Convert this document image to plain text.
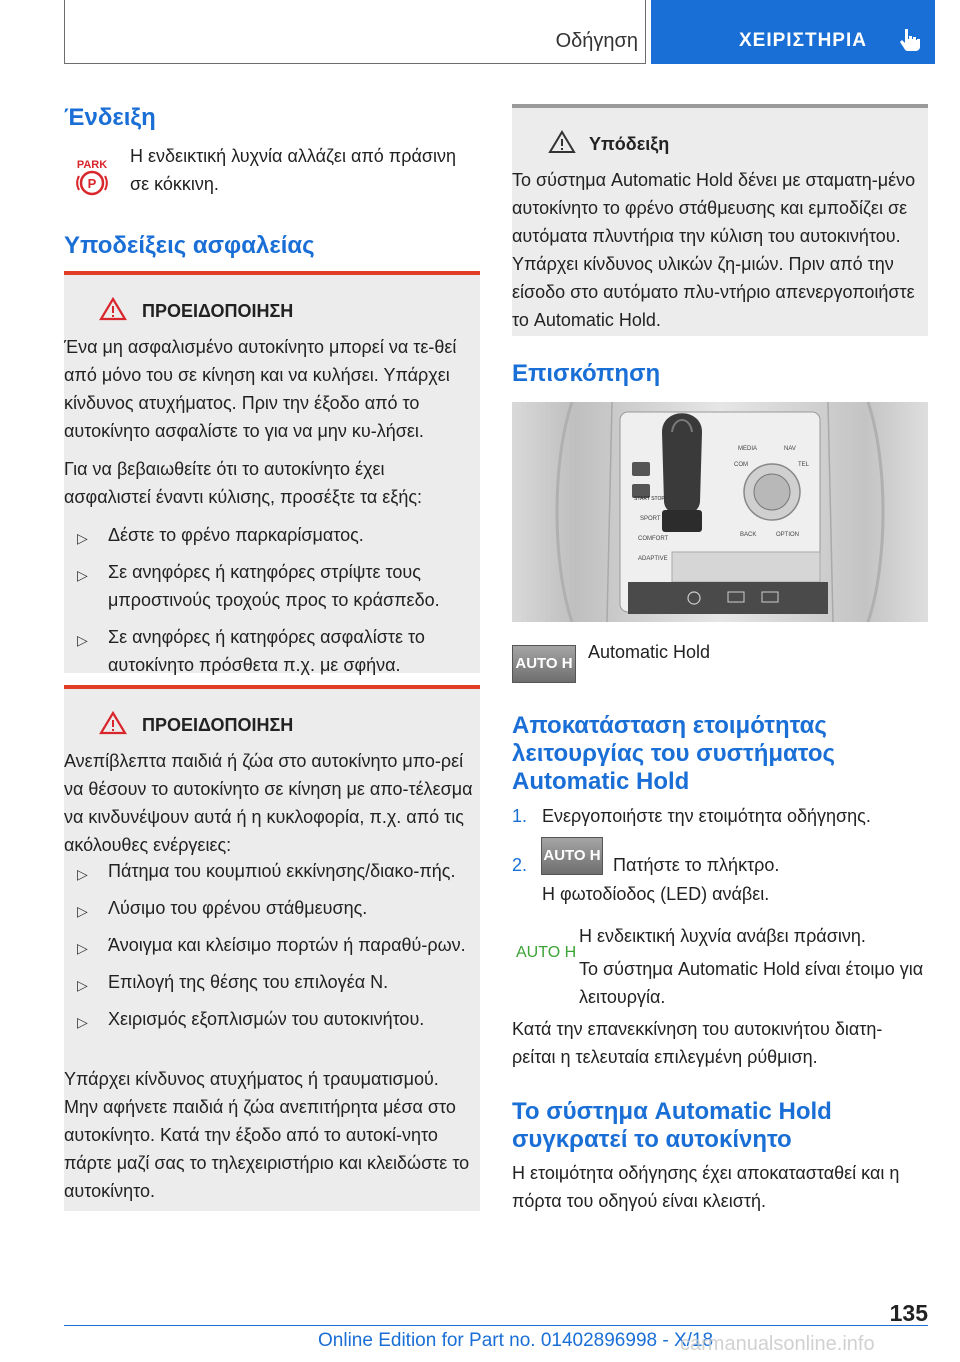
Οδήγηση	ΧΕΙΡΙΣΤΗΡΙΑ
Ένδειξη
PARK
P
Η ενδεικτική λυχνία αλλάζει από πράσινη σε κόκκινη.
Υποδείξεις ασφαλείας
ΠΡΟΕΙΔΟΠΟΙΗΣΗ
Ένα μη ασφαλισμένο αυτοκίνητο μπορεί να τε-θεί από μόνο του σε κίνηση και να κυλήσει. Υπάρχει κίνδυνος ατυχήματος. Πριν την έξοδο από το αυτοκίνητο ασφαλίστε το για να μην κυ-λήσει.
Για να βεβαιωθείτε ότι το αυτοκίνητο έχει ασφαλιστεί έναντι κύλισης, προσέξτε τα εξής:
▷ Δέστε το φρένο παρκαρίσματος.
▷ Σε ανηφόρες ή κατηφόρες στρίψτε τους μπροστινούς τροχούς προς το κράσπεδο.
▷ Σε ανηφόρες ή κατηφόρες ασφαλίστε το αυτοκίνητο πρόσθετα π.χ. με σφήνα.
ΠΡΟΕΙΔΟΠΟΙΗΣΗ
Ανεπίβλεπτα παιδιά ή ζώα στο αυτοκίνητο μπο-ρεί να θέσουν το αυτοκίνητο σε κίνηση με απο-τέλεσμα να κινδυνέψουν αυτά ή η κυκλοφορία, π.χ. από τις ακόλουθες ενέργειες:
▷ Πάτημα του κουμπιού εκκίνησης/διακο-πής.
▷ Λύσιμο του φρένου στάθμευσης.
▷ Άνοιγμα και κλείσιμο πορτών ή παραθύ-ρων.
▷ Επιλογή της θέσης του επιλογέα N.
▷ Χειρισμός εξοπλισμών του αυτοκινήτου.
Υπάρχει κίνδυνος ατυχήματος ή τραυματισμού. Μην αφήνετε παιδιά ή ζώα ανεπιτήρητα μέσα στο αυτοκίνητο. Κατά την έξοδο από το αυτοκί-νητο πάρτε μαζί σας το τηλεχειριστήριο και κλειδώστε το αυτοκίνητο.
Υπόδειξη
Το σύστημα Automatic Hold δένει με σταματη-μένο αυτοκίνητο το φρένο στάθμευσης και εμποδίζει σε αυτόματα πλυντήρια την κύλιση του αυτοκινήτου. Υπάρχει κίνδυνος υλικών ζη-μιών. Πριν από την είσοδο στο αυτόματο πλυ-ντήριο απενεργοποιήστε το Automatic Hold.
Επισκόπηση
MEDIA	NAV
COM	TEL
BACK	OPTION
SPORT
COMFORT
ADAPTIVE
START STOP
AUTO H
Automatic Hold
Αποκατάσταση ετοιμότητας λειτουργίας του συστήματος Automatic Hold
1. Ενεργοποιήστε την ετοιμότητα οδήγησης.
2. AUTO H Πατήστε το πλήκτρο.
Η φωτοδίοδος (LED) ανάβει.
AUTO H
Η ενδεικτική λυχνία ανάβει πράσινη.
Το σύστημα Automatic Hold είναι έτοιμο για λειτουργία.
Κατά την επανεκκίνηση του αυτοκινήτου διατη-ρείται η τελευταία επιλεγμένη ρύθμιση.
Το σύστημα Automatic Hold συγκρατεί το αυτοκίνητο
Η ετοιμότητα οδήγησης έχει αποκατασταθεί και η πόρτα του οδηγού είναι κλειστή.
135
Online Edition for Part no. 01402896998 - X/18
carmanualsonline.info
